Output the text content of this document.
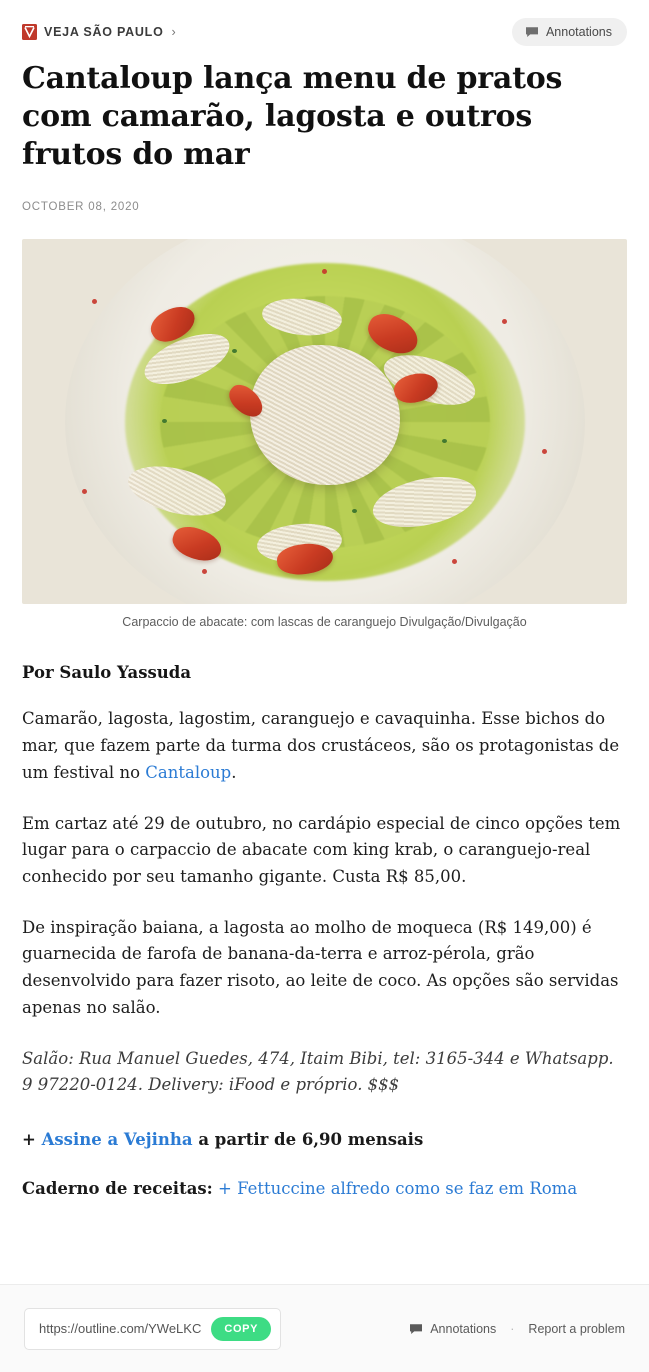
VEJA SÃO PAULO ›	Annotations
Cantaloup lança menu de pratos com camarão, lagosta e outros frutos do mar
OCTOBER 08, 2020
Carpaccio de abacate: com lascas de caranguejo Divulgação/Divulgação

Por Saulo Yassuda

Camarão, lagosta, lagostim, caranguejo e cavaquinha. Esse bichos do mar, que fazem parte da turma dos crustáceos, são os protagonistas de um festival no Cantaloup.

Em cartaz até 29 de outubro, no cardápio especial de cinco opções tem lugar para o carpaccio de abacate com king krab, o caranguejo-real conhecido por seu tamanho gigante. Custa R$ 85,00.

De inspiração baiana, a lagosta ao molho de moqueca (R$ 149,00) é guarnecida de farofa de banana-da-terra e arroz-pérola, grão desenvolvido para fazer risoto, ao leite de coco. As opções são servidas apenas no salão.

Salão: Rua Manuel Guedes, 474, Itaim Bibi, tel: 3165-344 e Whatsapp. 9 97220-0124. Delivery: iFood e próprio. $$$

+ Assine a Vejinha a partir de 6,90 mensais

Caderno de receitas: + Fettuccine alfredo como se faz em Roma

https://outline.com/YWeLKC	COPY	Annotations · Report a problem
